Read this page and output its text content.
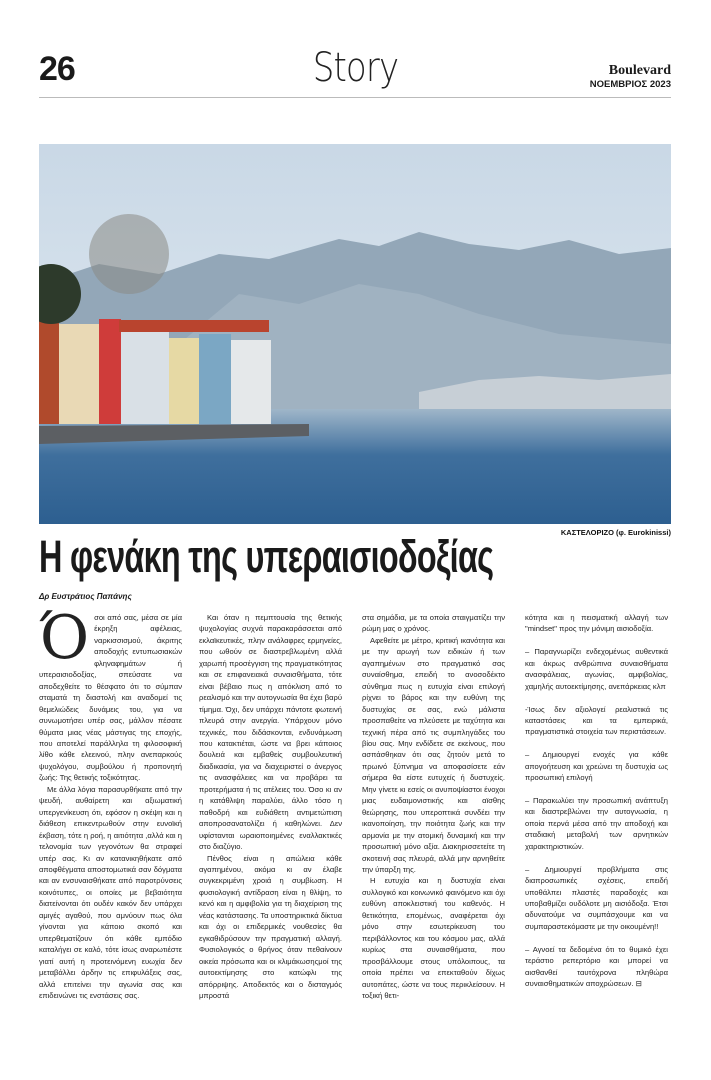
26	Story	Boulevard
ΝΟΕΜΒΡΙΟΣ 2023
ΚΑΣΤΕΛΟΡΙΖΟ (φ. Eurokinissi)
Η φενάκη της υπεραισιοδοξίας
Δρ Ευστράτιος Παπάνης
Ό σοι από σας, μέσα σε μία έκρηξη αφέλειας, ναρκισσισμού, άκριτης αποδοχής εντυπωσιακών φληναφημάτων ή υπεραισιοδοξίας, σπεύσατε να αποδεχθείτε το θέσφατο ότι το σύμπαν σταματά τη διαστολή και αναδομεί τις θεμελιώδεις δυνάμεις του, για να συνωμοτήσει υπέρ σας, μάλλον πέσατε θύματα μιας νέας μάστιγας της εποχής, που αποτελεί παράλληλα τη φιλοσοφική λίθο κάθε ελεεινού, πλην ανεπαρκούς ψυχολόγου, συμβούλου ή προπονητή ζωής: Της θετικής τοξικότητας.

Με άλλα λόγια παρασυρθήκατε από την ψευδή, αυθαίρετη και αξιωματική υπεργενίκευση ότι, εφόσον η σκέψη και η διάθεση επικεντρωθούν στην ευνοϊκή έκβαση, τότε η ροή, η αιτιότητα ,αλλά και η τελονομία των γεγονότων θα στραφεί υπέρ σας. Κι αν κατανικηθήκατε από αποφθέγματα αποστομωτικά σαν δόγματα και αν ενσυναισθήκατε από παροτρύνσεις κοινότυπες, οι οποίες με βεβαιότητα διατείνονται ότι ουδέν κακόν δεν υπάρχει αμιγές αγαθού, που αμνύουν πως όλα γίνονται για κάποιο σκοπό και υπερθεματίζουν ότι κάθε εμπόδιο καταλήγει σε καλό, τότε ίσως αναρωτιέστε γιατί αυτή η προτεινόμενη ευωχία δεν μεταβάλλει άρδην τις επιφυλάξεις σας, αλλά επιτείνει την αγωνία σας και επιδεινώνει τις ενστάσεις σας.

Και όταν η πεμπτουσία της θετικής ψυχολογίας συχνά παρακαράσσεται από εκλαϊκευτικές, πλην ανάλαφρες ερμηνείες, που ωθούν σε διαστρεβλωμένη αλλά χαρωπή προσέγγιση της πραγματικότητας και σε επιφανειακά συναισθήματα, τότε είναι βέβαιο πως η απόκλιση από το ρεαλισμό και την αυτογνωσία θα έχει βαρύ τίμημα. Όχι, δεν υπάρχει πάντοτε φωτεινή πλευρά στην ανεργία. Υπάρχουν μόνο τεχνικές, που διδάσκονται, ενδυνάμωση που κατακτιέται, ώστε να βρει κάποιος δουλειά και εμβαθείς συμβουλευτική διαδικασία, για να διαχειριστεί ο άνεργος τις ανασφάλειες και να προβάρει τα προτερήματα ή τις ατέλειες του. Όσο κι αν η κατάθλιψη παραλύει, άλλο τόσο η παθοδρή και ευδιάθετη αντιμετώπιση αποπροσανατολίζει ή καθηλώνει. Δεν υφίστανται ωραιοποιημένες εναλλακτικές στο διαζύγιο.

Πένθος είναι η απώλεια κάθε αγαπημένου, ακόμα κι αν έλαβε συγκεκριμένη χροιά η συμβίωση. Η φυσιολογική αντίδραση είναι η θλίψη, το κενό και η αμφιβολία για τη διαχείριση της νέας κατάστασης. Τα υποστηρικτικά δίκτυα και όχι οι επιδερμικές νουθεσίες θα εγκαθιδρύσουν την πραγματική αλλαγή. Φυσιολογικός ο θρήνος όταν πεθαίνουν οικεία πρόσωπα και οι κλιμάκωσηςμοί της αυτοεκτίμησης στο κατώφλι της απόρριψης. Αποδεκτός και ο δισταγμός μπροστά

στα σημάδια, με τα οποία σταιγματίζει την ρώμη μας ο χρόνος.

Αφεθείτε με μέτρο, κριτική ικανότητα και με την αρωγή των ειδικών ή των αγαπημένων στο πραγματικό σας συναίσθημα, επειδή το ανοσοδέκτο σύνθημα πως η ευτυχία είναι επιλογή ρίχνει το βάρος και την ευθύνη της δυστυχίας σε σας, ενώ μάλιστα προσπαθείτε να πλεύσετε με ταχύτητα και τεχνική πέρα από τις συμπληγάδες του βίου σας. Μην ενδίδετε σε εκείνους, που ασπάσθηκαν ότι σας ζητούν μετά το πρωινό ξύπνημα να αποφασίσετε εάν σήμερα θα είστε ευτυχείς ή δυστυχείς. Μην γίνετε κι εσείς οι ανυποψίαστοι ένοχοι μιας ευδαιμονιστικής και αϊσθης θεώρησης, που υπεροπτικά συνδέει την ικανοποίηση, την ποιότητα ζωής και την αρμονία με την ατομική δυναμική και την προσωπική μόνο αξία. Διακηρισσετείτε τη σκοτεινή σας πλευρά, αλλά μην αρνηθείτε την ύπαρξη της.

Η ευτυχία και η δυστυχία είναι συλλογικό και κοινωνικό φαινόμενο και όχι ευθύνη αποκλειστική του καθενός. Η θετικότητα, επομένως, αναφέρεται όχι μόνο στην εσωτερίκευση του περιβάλλοντος και του κόσμου μας, αλλά κυρίως στα συναισθήματα, που προσβάλλουμε στους υπόλοιπους, τα οποία πρέπει να επεκταθούν δίχως αυτοπάτες, ώστε να τους περικλείσουν. Η τοξική θετι-

κότητα και η πεισματική αλλαγή των "mindset" προς την μόνιμη αισιοδοξία.

– Παραγνωρίζει ενδεχομένως αυθεντικά και άκρως ανθρώπινα συναισθήματα ανασφάλειας, αγωνίας, αμφιβολίας, χαμηλής αυτοεκτίμησης, ανεπάρκειας κλπ

-Ίσως δεν αξιολογεί ρεαλιστικά τις καταστάσεις και τα εμπειρικά, πραγματιστικά στοιχεία των περιστάσεων.

– Δημιουργεί ενοχές για κάθε απογοήτευση και χρεώνει τη δυστυχία ως προσωπική επιλογή

– Παρακωλύει την προσωπική ανάπτυξη και διαστρεβλώνει την αυτογνωσία, η οποία περνά μέσα από την αποδοχή και σταδιακή μεταβολή των αρνητικών χαρακτηριστικών.

– Δημιουργεί προβλήματα στις διαπροσωπικές σχέσεις, επειδή υποθάλπει πλαστές παραδοχές και υποβαθμίζει ουδόλοτε μη αισιόδοξα. Έτσι αδυνατούμε να συμπάσχουμε και να συμπαραστεκόμαστε με την οικουμένη!!

– Αγνοεί τα δεδομένα ότι το θυμικό έχει τεράστιο ρεπερτόριο και μπορεί να αισθανθεί ταυτόχρονα πληθώρα συναισθηματικών αποχρώσεων. ⊟
